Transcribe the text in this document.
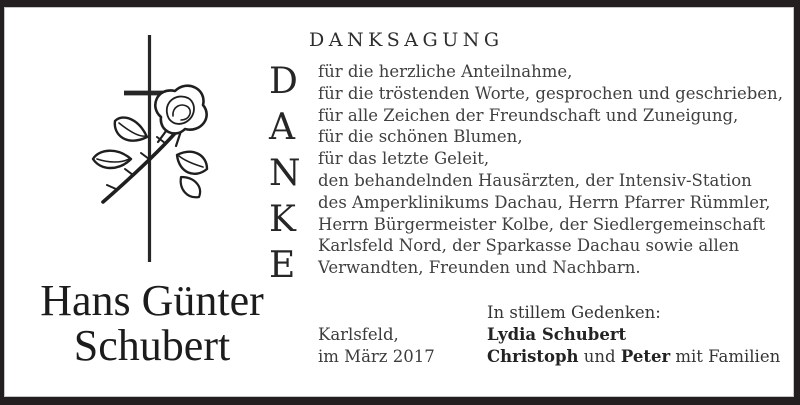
DANKSAGUNG
D
A
N
K
E
für die herzliche Anteilnahme,
für die tröstenden Worte, gesprochen und geschrieben,
für alle Zeichen der Freundschaft und Zuneigung,
für die schönen Blumen,
für das letzte Geleit,
den behandelnden Hausärzten, der Intensiv-Station
des Amperklinikums Dachau, Herrn Pfarrer Rümmler,
Herrn Bürgermeister Kolbe, der Siedlergemeinschaft
Karlsfeld Nord, der Sparkasse Dachau sowie allen
Verwandten, Freunden und Nachbarn.
Hans Günter
Schubert	Karlsfeld,
im März 2017
In stillem Gedenken:
Lydia Schubert
Christoph und Peter mit Familien
